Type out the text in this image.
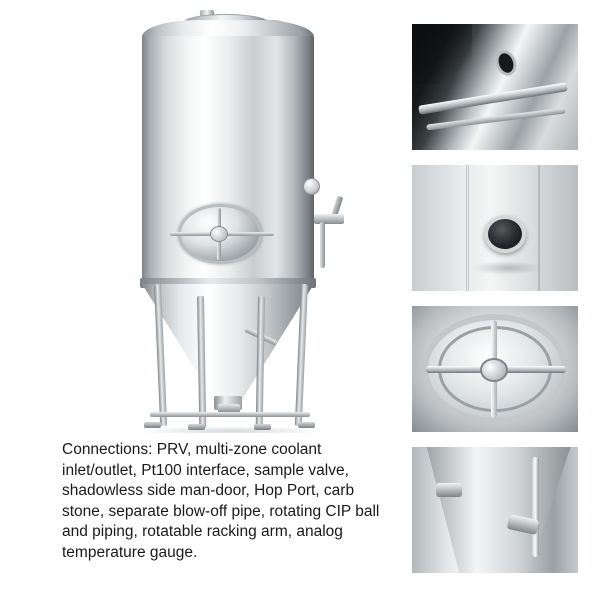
Connections: PRV, multi-zone coolant inlet/outlet, Pt100 interface, sample valve, shadowless side man-door, Hop Port, carb stone, separate blow-off pipe, rotating CIP ball and piping, rotatable racking arm, analog temperature gauge.
